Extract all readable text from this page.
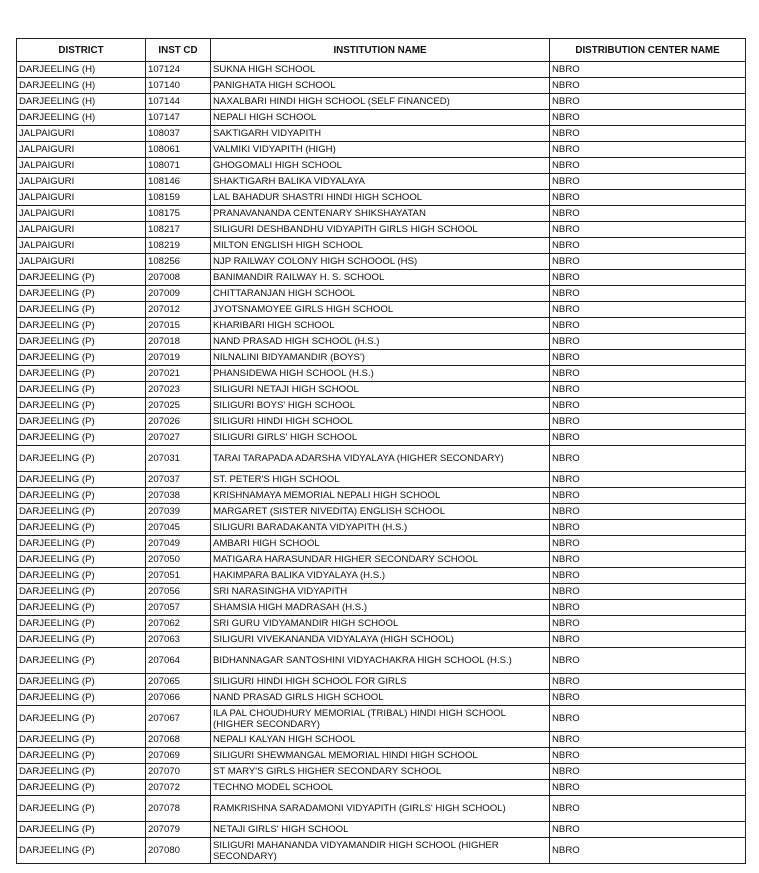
DISTRICT	INST CD	INSTITUTION NAME	DISTRIBUTION CENTER NAME
DARJEELING (H)	107124	SUKNA HIGH SCHOOL	NBRO
DARJEELING (H)	107140	PANIGHATA HIGH SCHOOL	NBRO
DARJEELING (H)	107144	NAXALBARI HINDI HIGH SCHOOL (SELF FINANCED)	NBRO
DARJEELING (H)	107147	NEPALI HIGH SCHOOL	NBRO
JALPAIGURI	108037	SAKTIGARH VIDYAPITH	NBRO
JALPAIGURI	108061	VALMIKI VIDYAPITH (HIGH)	NBRO
JALPAIGURI	108071	GHOGOMALI HIGH SCHOOL	NBRO
JALPAIGURI	108146	SHAKTIGARH BALIKA VIDYALAYA	NBRO
JALPAIGURI	108159	LAL BAHADUR SHASTRI HINDI HIGH SCHOOL	NBRO
JALPAIGURI	108175	PRANAVANANDA CENTENARY SHIKSHAYATAN	NBRO
JALPAIGURI	108217	SILIGURI DESHBANDHU VIDYAPITH GIRLS HIGH SCHOOL	NBRO
JALPAIGURI	108219	MILTON ENGLISH HIGH SCHOOL	NBRO
JALPAIGURI	108256	NJP RAILWAY COLONY HIGH SCHOOOL (HS)	NBRO
DARJEELING (P)	207008	BANIMANDIR RAILWAY H. S. SCHOOL	NBRO
DARJEELING (P)	207009	CHITTARANJAN HIGH SCHOOL	NBRO
DARJEELING (P)	207012	JYOTSNAMOYEE GIRLS HIGH SCHOOL	NBRO
DARJEELING (P)	207015	KHARIBARI HIGH SCHOOL	NBRO
DARJEELING (P)	207018	NAND PRASAD HIGH SCHOOL (H.S.)	NBRO
DARJEELING (P)	207019	NILNALINI BIDYAMANDIR (BOYS')	NBRO
DARJEELING (P)	207021	PHANSIDEWA HIGH SCHOOL (H.S.)	NBRO
DARJEELING (P)	207023	SILIGURI NETAJI HIGH SCHOOL	NBRO
DARJEELING (P)	207025	SILIGURI BOYS' HIGH SCHOOL	NBRO
DARJEELING (P)	207026	SILIGURI HINDI HIGH SCHOOL	NBRO
DARJEELING (P)	207027	SILIGURI GIRLS' HIGH SCHOOL	NBRO
DARJEELING (P)	207031	TARAI TARAPADA ADARSHA VIDYALAYA (HIGHER SECONDARY)	NBRO
DARJEELING (P)	207037	ST. PETER'S HIGH SCHOOL	NBRO
DARJEELING (P)	207038	KRISHNAMAYA MEMORIAL NEPALI HIGH SCHOOL	NBRO
DARJEELING (P)	207039	MARGARET (SISTER NIVEDITA) ENGLISH SCHOOL	NBRO
DARJEELING (P)	207045	SILIGURI BARADAKANTA VIDYAPITH (H.S.)	NBRO
DARJEELING (P)	207049	AMBARI HIGH SCHOOL	NBRO
DARJEELING (P)	207050	MATIGARA HARASUNDAR HIGHER SECONDARY SCHOOL	NBRO
DARJEELING (P)	207051	HAKIMPARA BALIKA VIDYALAYA (H.S.)	NBRO
DARJEELING (P)	207056	SRI NARASINGHA VIDYAPITH	NBRO
DARJEELING (P)	207057	SHAMSIA HIGH MADRASAH (H.S.)	NBRO
DARJEELING (P)	207062	SRI GURU VIDYAMANDIR HIGH SCHOOL	NBRO
DARJEELING (P)	207063	SILIGURI VIVEKANANDA VIDYALAYA (HIGH SCHOOL)	NBRO
DARJEELING (P)	207064	BIDHANNAGAR SANTOSHINI VIDYACHAKRA HIGH SCHOOL (H.S.)	NBRO
DARJEELING (P)	207065	SILIGURI HINDI HIGH SCHOOL FOR GIRLS	NBRO
DARJEELING (P)	207066	NAND PRASAD GIRLS HIGH SCHOOL	NBRO
DARJEELING (P)	207067	ILA PAL CHOUDHURY MEMORIAL (TRIBAL) HINDI HIGH SCHOOL (HIGHER SECONDARY)	NBRO
DARJEELING (P)	207068	NEPALI KALYAN HIGH SCHOOL	NBRO
DARJEELING (P)	207069	SILIGURI SHEWMANGAL MEMORIAL HINDI HIGH SCHOOL	NBRO
DARJEELING (P)	207070	ST MARY'S GIRLS HIGHER SECONDARY SCHOOL	NBRO
DARJEELING (P)	207072	TECHNO MODEL SCHOOL	NBRO
DARJEELING (P)	207078	RAMKRISHNA SARADAMONI VIDYAPITH (GIRLS' HIGH SCHOOL)	NBRO
DARJEELING (P)	207079	NETAJI GIRLS' HIGH SCHOOL	NBRO
DARJEELING (P)	207080	SILIGURI MAHANANDA VIDYAMANDIR HIGH SCHOOL (HIGHER SECONDARY)	NBRO
